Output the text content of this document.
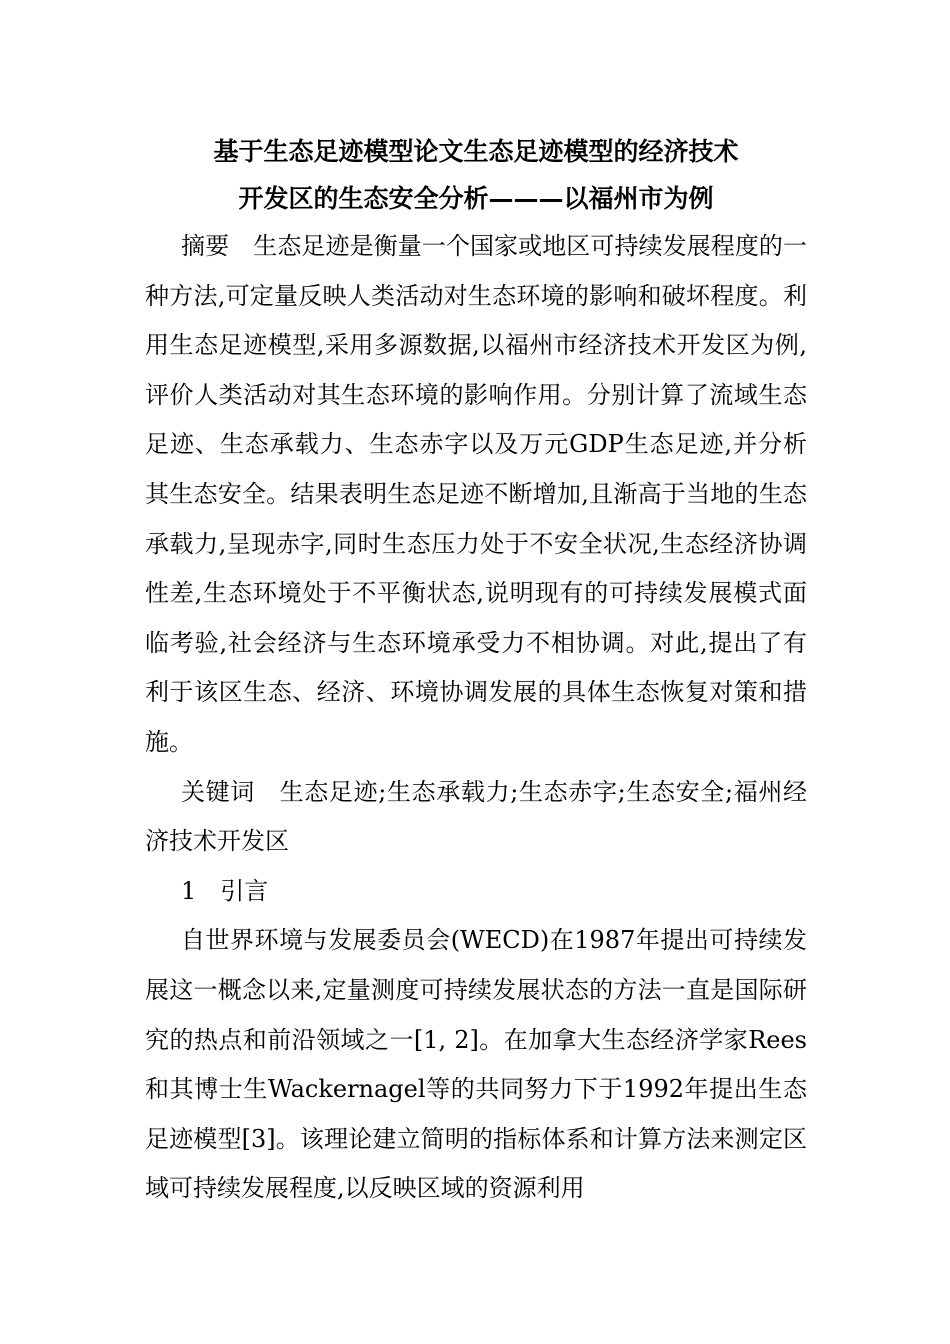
基于生态足迹模型论文生态足迹模型的经济技术
开发区的生态安全分析———以福州市为例

摘要 生态足迹是衡量一个国家或地区可持续发展程度的一种方法,可定量反映人类活动对生态环境的影响和破坏程度。利用生态足迹模型,采用多源数据,以福州市经济技术开发区为例,评价人类活动对其生态环境的影响作用。分别计算了流域生态足迹、生态承载力、生态赤字以及万元GDP生态足迹,并分析其生态安全。结果表明生态足迹不断增加,且渐高于当地的生态承载力,呈现赤字,同时生态压力处于不安全状况,生态经济协调性差,生态环境处于不平衡状态,说明现有的可持续发展模式面临考验,社会经济与生态环境承受力不相协调。对此,提出了有利于该区生态、经济、环境协调发展的具体生态恢复对策和措施。

关键词 生态足迹;生态承载力;生态赤字;生态安全;福州经济技术开发区

1 引言

自世界环境与发展委员会(WECD)在1987年提出可持续发展这一概念以来,定量测度可持续发展状态的方法一直是国际研究的热点和前沿领域之一[1, 2]。在加拿大生态经济学家Rees和其博士生Wackernagel等的共同努力下于1992年提出生态足迹模型[3]。该理论建立简明的指标体系和计算方法来测定区域可持续发展程度,以反映区域的资源利用
